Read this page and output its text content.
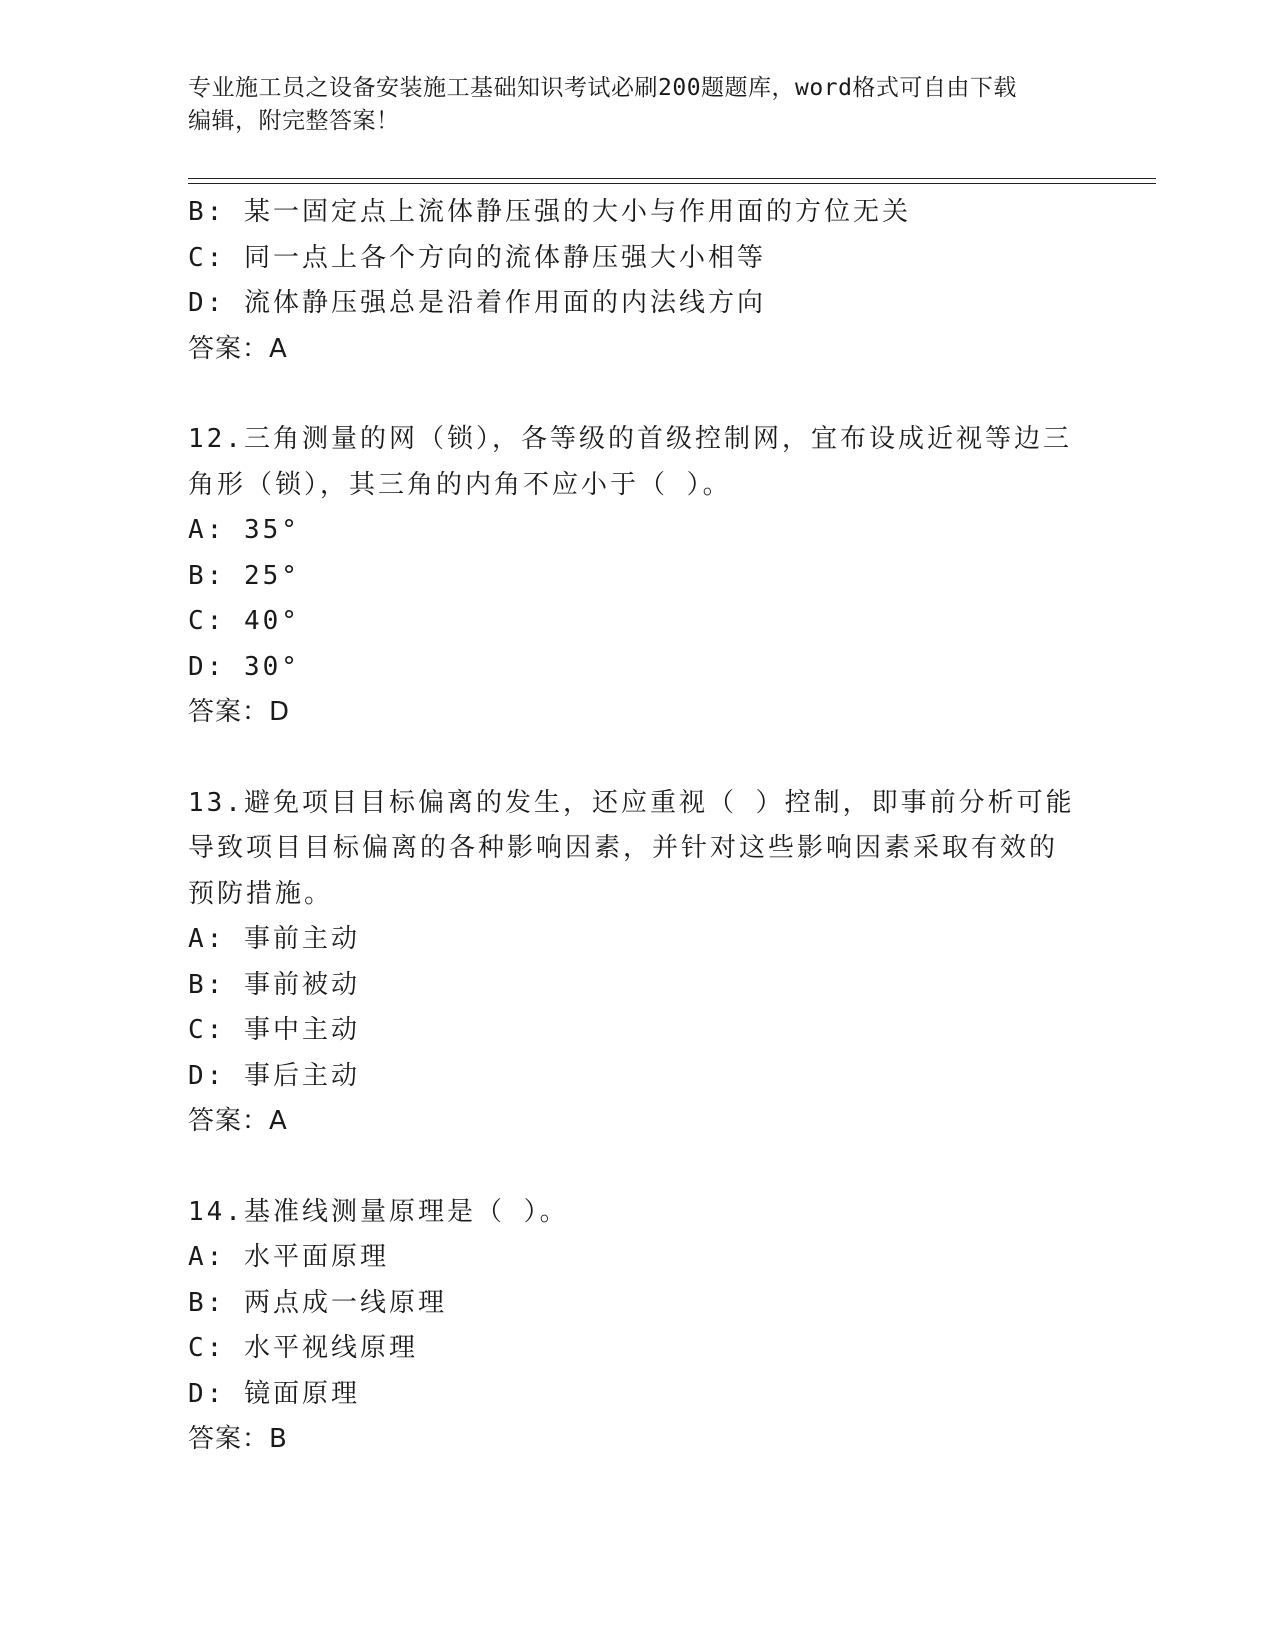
专业施工员之设备安装施工基础知识考试必刷200题题库，word格式可自由下载
编辑，附完整答案！
B: 某一固定点上流体静压强的大小与作用面的方位无关
C: 同一点上各个方向的流体静压强大小相等
D: 流体静压强总是沿着作用面的内法线方向
答案：A
12.三角测量的网（锁），各等级的首级控制网，宜布设成近视等边三
角形（锁），其三角的内角不应小于（ ）。
A: 35°
B: 25°
C: 40°
D: 30°
答案：D
13.避免项目目标偏离的发生，还应重视（ ）控制，即事前分析可能
导致项目目标偏离的各种影响因素，并针对这些影响因素采取有效的
预防措施。
A: 事前主动
B: 事前被动
C: 事中主动
D: 事后主动
答案：A
14.基准线测量原理是（ ）。
A: 水平面原理
B: 两点成一线原理
C: 水平视线原理
D: 镜面原理
答案：B
